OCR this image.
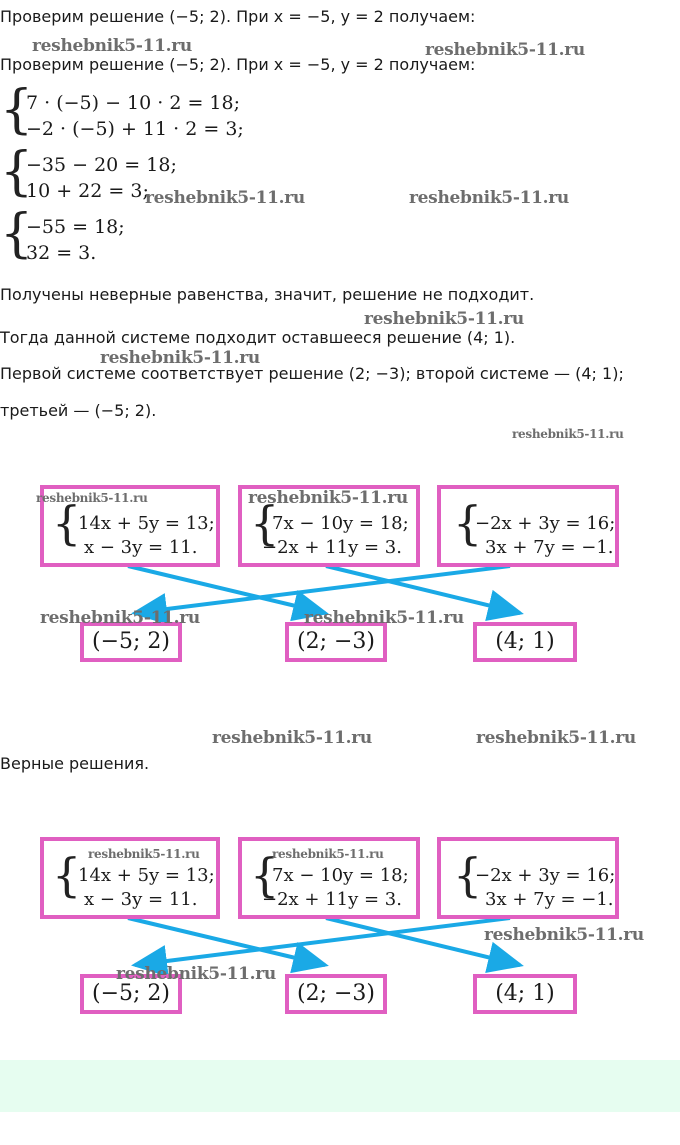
Проверим решение (−5; 2). При x = −5, y = 2 получаем:
Проверим решение (−5; 2). При x = −5, y = 2 получаем:
{
7 · (−5) − 10 · 2 = 18;
−2 · (−5) + 11 · 2 = 3;
{
−35 − 20 = 18;
10 + 22 = 3;
{
−55 = 18;
32 = 3.
Получены неверные равенства, значит, решение не подходит.
Тогда данной системе подходит оставшееся решение (4; 1).
Первой системе соответствует решение (2; −3); второй системе — (4; 1);
третьей — (−5; 2).
{
14x + 5y = 13;
x − 3y = 11. {
7x − 10y = 18;
−2x + 11y = 3. {
−2x + 3y = 16;
3x + 7y = −1.
(−5; 2)	(2; −3)	(4; 1)
Верные решения.
{
14x + 5y = 13;
x − 3y = 11. {
7x − 10y = 18;
−2x + 11y = 3. {
−2x + 3y = 16;
3x + 7y = −1.
(−5; 2)	(2; −3)	(4; 1)
reshebnik5-11.ru	reshebnik5-11.ru
reshebnik5-11.ru	reshebnik5-11.ru
reshebnik5-11.ru
reshebnik5-11.ru
reshebnik5-11.ru
reshebnik5-11.ru	reshebnik5-11.ru
reshebnik5-11.ru	reshebnik5-11.ru
reshebnik5-11.ru	reshebnik5-11.ru
reshebnik5-11.ru	reshebnik5-11.ru
reshebnik5-11.ru
reshebnik5-11.ru
